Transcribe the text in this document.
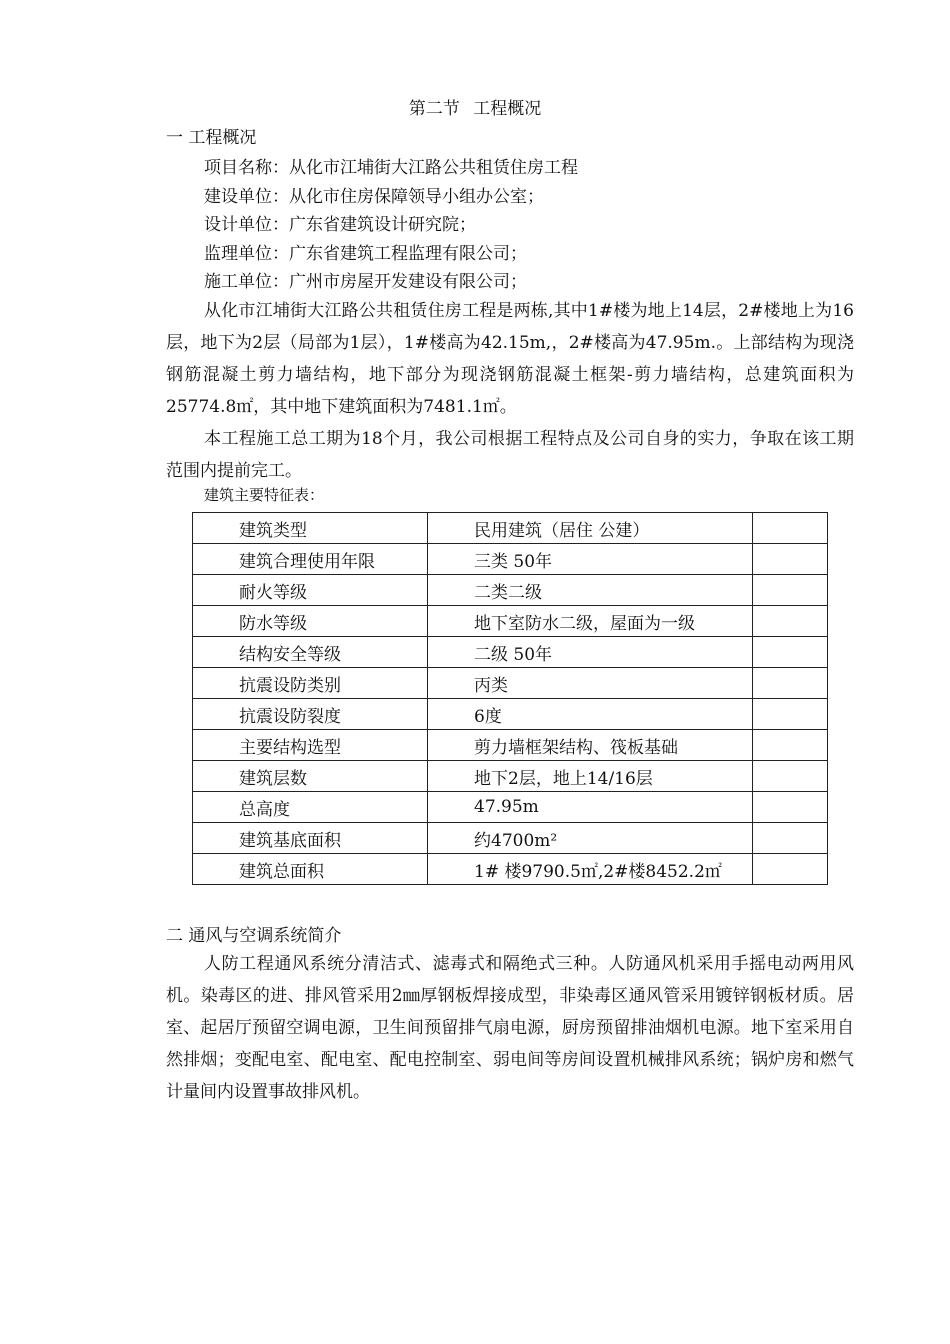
第二节 工程概况
一 工程概况
项目名称：从化市江埔街大江路公共租赁住房工程
建设单位：从化市住房保障领导小组办公室；
设计单位：广东省建筑设计研究院；
监理单位：广东省建筑工程监理有限公司；
施工单位：广州市房屋开发建设有限公司；
从化市江埔街大江路公共租赁住房工程是两栋,其中1#楼为地上14层，2#楼地上为16层，地下为2层（局部为1层），1#楼高为42.15m,，2#楼高为47.95m.。上部结构为现浇钢筋混凝土剪力墙结构，地下部分为现浇钢筋混凝土框架-剪力墙结构，总建筑面积为25774.8㎡，其中地下建筑面积为7481.1㎡。
本工程施工总工期为18个月，我公司根据工程特点及公司自身的实力，争取在该工期范围内提前完工。
建筑主要特征表：
建筑类型	民用建筑（居住 公建）	
建筑合理使用年限	三类 50年	
耐火等级	二类二级	
防水等级	地下室防水二级，屋面为一级	
结构安全等级	二级 50年	
抗震设防类别	丙类	
抗震设防裂度	6度	
主要结构选型	剪力墙框架结构、筏板基础	
建筑层数	地下2层，地上14/16层	
总高度	47.95m	
建筑基底面积	约4700m²	
建筑总面积	1# 楼9790.5㎡,2#楼8452.2㎡	
二 通风与空调系统简介
人防工程通风系统分清洁式、滤毒式和隔绝式三种。人防通风机采用手摇电动两用风机。染毒区的进、排风管采用2㎜厚钢板焊接成型，非染毒区通风管采用镀锌钢板材质。居室、起居厅预留空调电源，卫生间预留排气扇电源，厨房预留排油烟机电源。地下室采用自然排烟；变配电室、配电室、配电控制室、弱电间等房间设置机械排风系统；锅炉房和燃气计量间内设置事故排风机。
